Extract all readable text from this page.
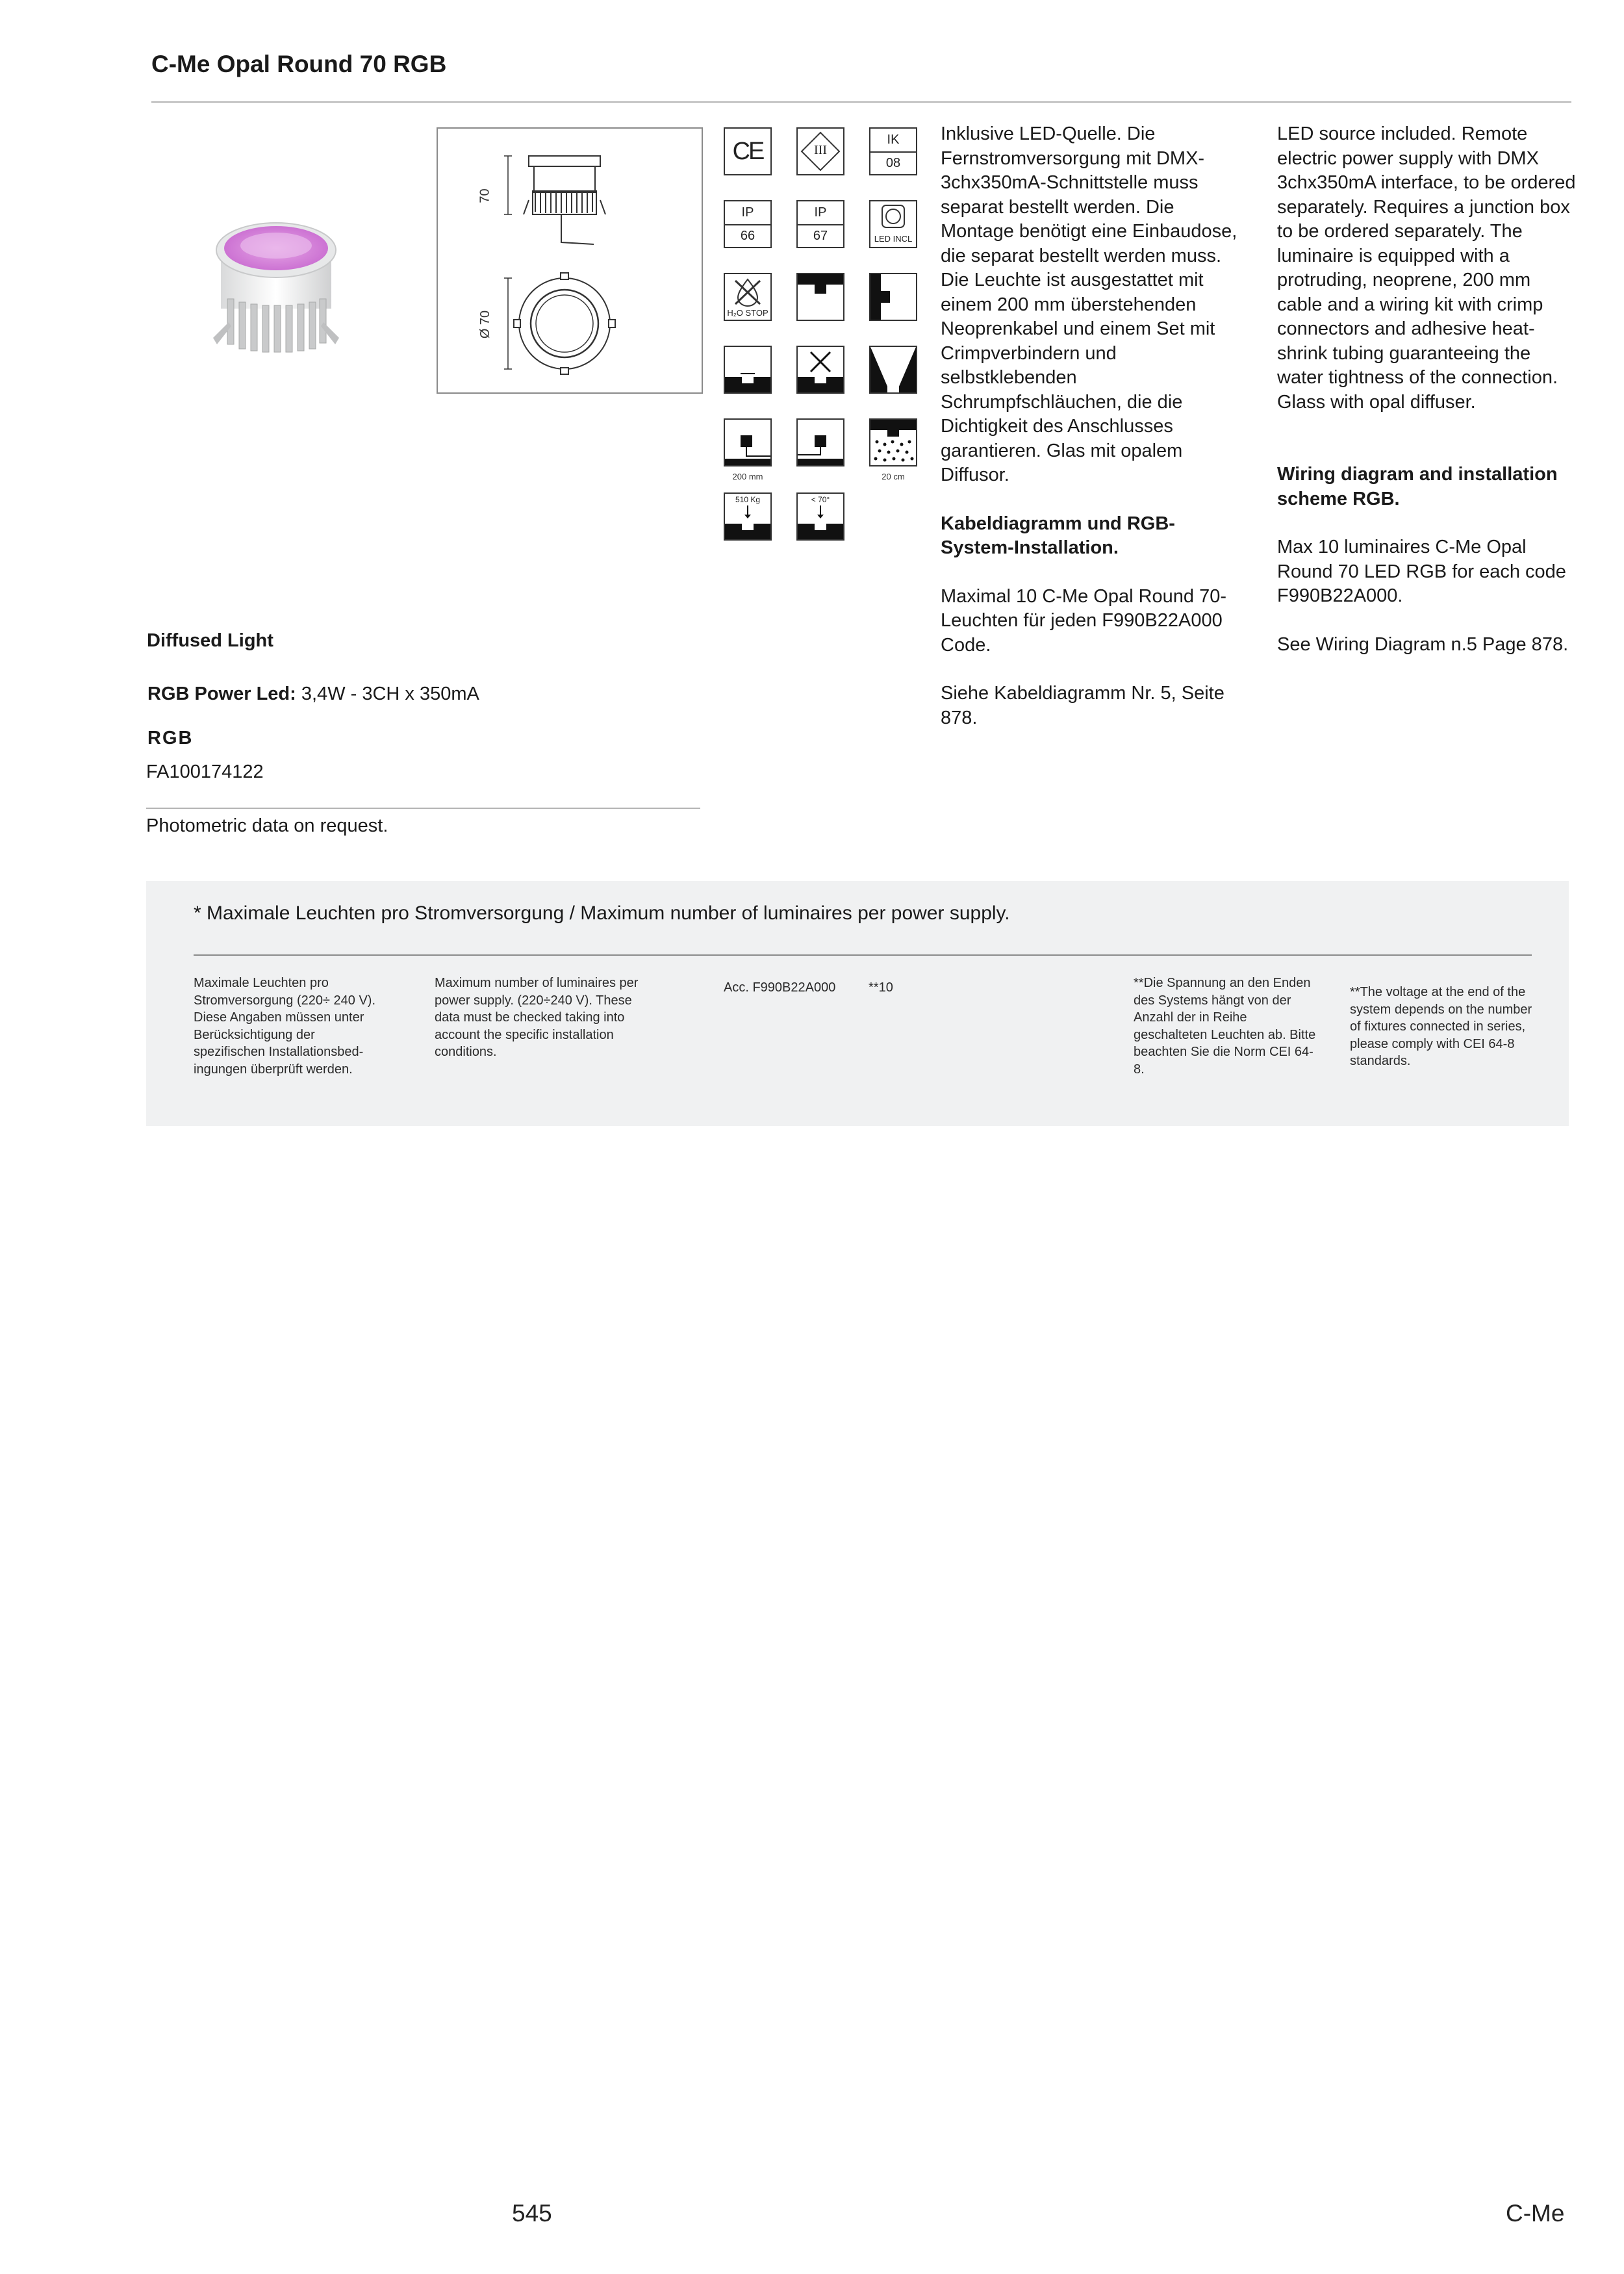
C-Me Opal Round 70 RGB
70
Ø 70
CE	III
IK
08
IP
66
IP
67	LED INCL
H₂O STOP
200 mm	20 cm
510 Kg	< 70°

Inklusive LED-Quelle. Die Fernstromversorgung mit DMX-3chx350mA-Schnittstelle muss separat bestellt werden. Die Montage benötigt eine Einbaudose, die separat bestellt werden muss. Die Leuchte ist ausgestattet mit einem 200 mm überstehenden Neoprenkabel und einem Set mit Crimpverbindern und selbstklebenden Schrumpfschläuchen, die die Dichtigkeit des Anschlusses garantieren. Glas mit opalem Diffusor.

Kabeldiagramm und RGB-System-Installation.

Maximal 10 C-Me Opal Round 70-Leuchten für jeden F990B22A000 Code.

Siehe Kabeldiagramm Nr. 5, Seite 878.

LED source included. Remote electric power supply with DMX 3chx350mA interface, to be ordered separately. Requires a junction box to be ordered separately. The luminaire is equipped with a protruding, neoprene, 200 mm cable and a wiring kit with crimp connectors and adhesive heat-shrink tubing guaranteeing the water tightness of the connection. Glass with opal diffuser.

Wiring diagram and installation scheme RGB.

Max 10 luminaires C-Me Opal Round 70 LED RGB for each code F990B22A000.

See Wiring Diagram n.5 Page 878.

Diffused Light
RGB Power Led: 3,4W - 3CH x 350mA
RGB
FA100174122
Photometric data on request.
* Maximale Leuchten pro Stromversorgung / Maximum number of luminaires per power supply.
Maximale Leuchten pro Stromversorgung (220÷ 240 V). Diese Angaben müssen unter Berücksichtigung der spezifischen Installationsbed-ingungen überprüft werden.
Maximum number of luminaires per power supply. (220÷240 V). These data must be checked taking into account the specific installation conditions.
Acc. F990B22A000	**10	**Die Spannung an den Enden des Systems hängt von der Anzahl der in Reihe geschalteten Leuchten ab. Bitte beachten Sie die Norm CEI 64-8.
**The voltage at the end of the system depends on the number of fixtures connected in series, please comply with CEI 64-8 standards.
545	C-Me
